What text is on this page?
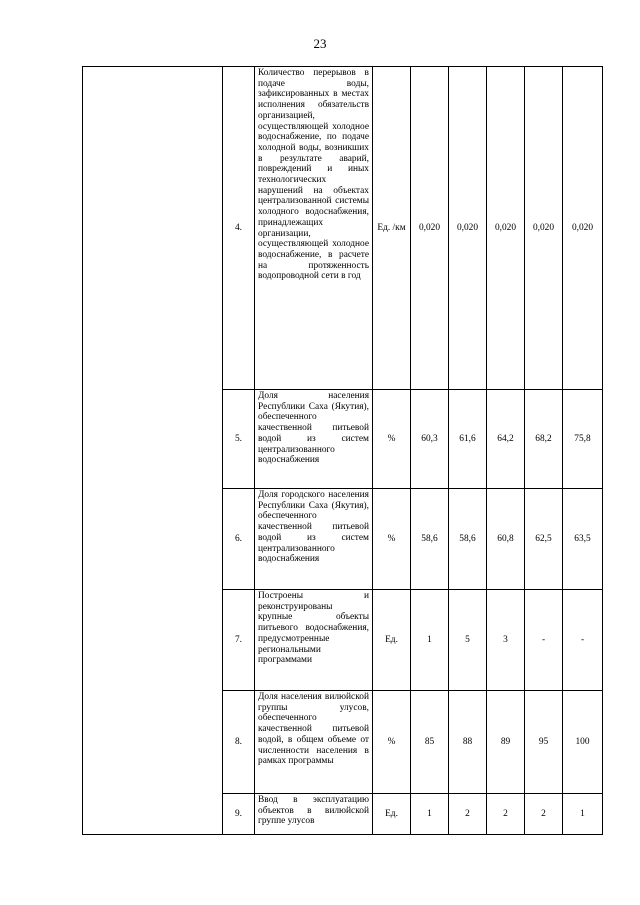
23
	4.	Количество перерывов в подаче воды, зафиксированных в местах исполнения обязательств организацией, осуществляющей холодное водоснабжение, по подаче холодной воды, возникших в результате аварий, повреждений и иных технологических нарушений на объектах централизованной системы холодного водоснабжения, принадлежащих организации, осуществляющей холодное водоснабжение, в расчете на протяженность водопроводной сети в год	Ед. /км	0,020	0,020	0,020	0,020	0,020
	5.	Доля населения Республики Саха (Якутия), обеспеченного качественной питьевой водой из систем централизованного водоснабжения	%	60,3	61,6	64,2	68,2	75,8
	6.	Доля городского населения Республики Саха (Якутия), обеспеченного качественной питьевой водой из систем централизованного водоснабжения	%	58,6	58,6	60,8	62,5	63,5
	7.	Построены и реконструированы крупные объекты питьевого водоснабжения, предусмотренные региональными программами	Ед.	1	5	3	-	-
	8.	Доля населения вилюйской группы улусов, обеспеченного качественной питьевой водой, в общем объеме от численности населения в рамках программы	%	85	88	89	95	100
	9.	Ввод в эксплуатацию объектов в вилюйской группе улусов	Ед.	1	2	2	2	1
